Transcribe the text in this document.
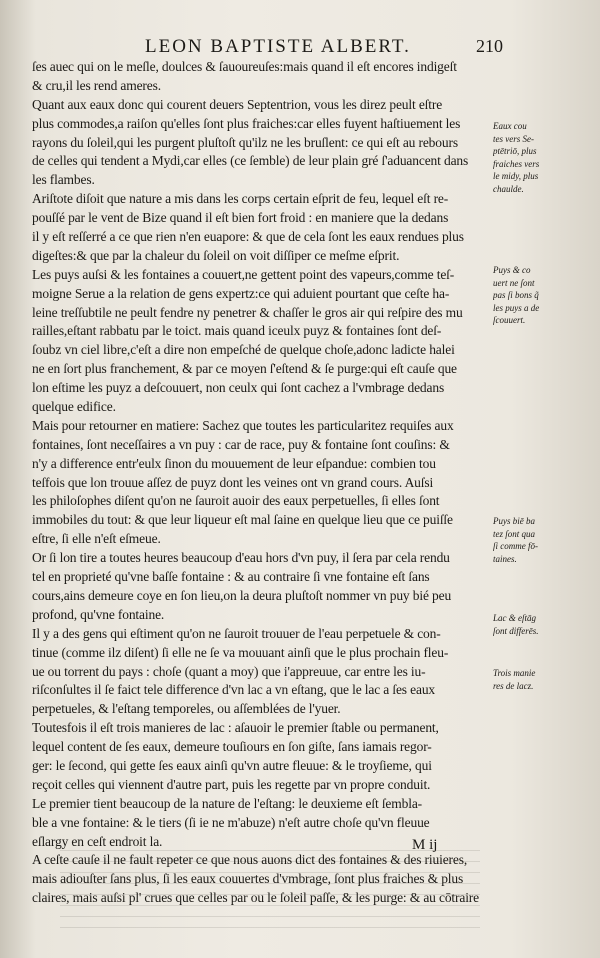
LEON BAPTISTE ALBERT.	210
ſes auec qui on le meſle, doulces & ſauoureuſes:mais quand il eſt encores indigeſt
& cru,il les rend ameres.
Quant aux eaux donc qui courent deuers Septentrion, vous les direz peult eſtre
plus commodes,a raiſon qu'elles ſont plus fraiches:car elles fuyent haſtiuement les
rayons du ſoleil,qui les purgent pluſtoſt qu'ilz ne les bruſlent: ce qui eſt au rebours
de celles qui tendent a Mydi,car elles (ce ſemble) de leur plain gré ſ'aduancent dans
les flambes.
Ariſtote diſoit que nature a mis dans les corps certain eſprit de feu, lequel eſt re-
pouſſé par le vent de Bize quand il eſt bien fort froid : en maniere que la dedans
il y eſt reſſerré a ce que rien n'en euapore: & que de cela ſont les eaux rendues plus
digeſtes:& que par la chaleur du ſoleil on voit diſſiper ce meſme eſprit.
Les puys auſsi & les fontaines a couuert,ne gettent point des vapeurs,comme teſ-
moigne Serue a la relation de gens expertz:ce qui aduient pourtant que ceſte ha-
leine treſſubtile ne peult fendre ny penetrer & chaſſer le gros air qui reſpire des mu
railles,eſtant rabbatu par le toict. mais quand iceulx puyz & fontaines ſont deſ-
ſoubz vn ciel libre,c'eſt a dire non empeſché de quelque choſe,adonc ladicte halei
ne en ſort plus franchement, & par ce moyen ſ'eſtend & ſe purge:qui eſt cauſe que
lon eſtime les puyz a deſcouuert, non ceulx qui ſont cachez a l'vmbrage dedans
quelque edifice.
Mais pour retourner en matiere: Sachez que toutes les particularitez requiſes aux
fontaines, ſont neceſſaires a vn puy : car de race, puy & fontaine ſont couſins: &
n'y a difference entr'eulx ſinon du mouuement de leur eſpandue: combien tou
teſfois que lon trouue aſſez de puyz dont les veines ont vn grand cours. Auſsi
les philoſophes diſent qu'on ne ſauroit auoir des eaux perpetuelles, ſi elles ſont
immobiles du tout: & que leur liqueur eſt mal ſaine en quelque lieu que ce puiſſe
eſtre, ſi elle n'eſt eſmeue.
Or ſi lon tire a toutes heures beaucoup d'eau hors d'vn puy, il ſera par cela rendu
tel en proprieté qu'vne baſſe fontaine : & au contraire ſi vne fontaine eſt ſans
cours,ains demeure coye en ſon lieu,on la deura pluſtoſt nommer vn puy bié peu
profond, qu'vne fontaine.
Il y a des gens qui eſtiment qu'on ne ſauroit trouuer de l'eau perpetuele & con-
tinue (comme ilz diſent) ſi elle ne ſe va mouuant ainſi que le plus prochain fleu-
ue ou torrent du pays : choſe (quant a moy) que i'appreuue, car entre les iu-
riſconſultes il ſe faict tele difference d'vn lac a vn eſtang, que le lac a ſes eaux
perpetueles, & l'eſtang temporeles, ou aſſemblées de l'yuer.
Toutesfois il eſt trois manieres de lac : aſauoir le premier ſtable ou permanent,
lequel content de ſes eaux, demeure touſiours en ſon giſte, ſans iamais regor-
ger: le ſecond, qui gette ſes eaux ainſi qu'vn autre fleuue: & le troyſieme, qui
reçoit celles qui viennent d'autre part, puis les regette par vn propre conduit.
Le premier tient beaucoup de la nature de l'eſtang: le deuxieme eſt ſembla-
ble a vne fontaine: & le tiers (ſi ie ne m'abuze) n'eſt autre choſe qu'vn fleuue
eſlargy en ceſt endroit la.
A ceſte cauſe il ne fault repeter ce que nous auons dict des fontaines & des riuieres,
mais adiouſter ſans plus, ſi les eaux couuertes d'vmbrage, ſont plus fraiches & plus
claires, mais auſsi pl' crues que celles par ou le ſoleil paſſe, & les purge: & au cōtraire
Eaux cou
tes vers Se-
ptētriō, plus
fraiches vers
le midy, plus
chaulde.
Puys & co
uert ne ſont
pas ſi bons q̃
les puys a de
ſcouuert.
Puys biē ba
tez ſont qua
ſi comme fō-
taines.
Lac & eſtāg
ſont differēs.
Trois manie
res de lacz.
M ij
